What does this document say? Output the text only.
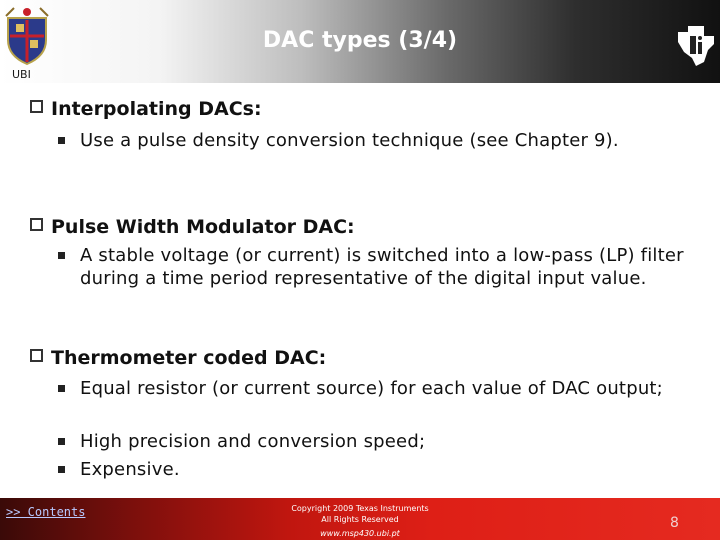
UBI
DAC types (3/4)
Interpolating DACs:
Use a pulse density conversion technique (see Chapter 9).
Pulse Width Modulator DAC:
A stable voltage (or current) is switched into a low-pass (LP) filter during a time period representative of the digital input value.
Thermometer coded DAC:
Equal resistor (or current source) for each value of DAC output;
High precision and conversion speed;
Expensive.
>> Contents	Copyright 2009 Texas Instruments
All Rights Reserved
www.msp430.ubi.pt
8
